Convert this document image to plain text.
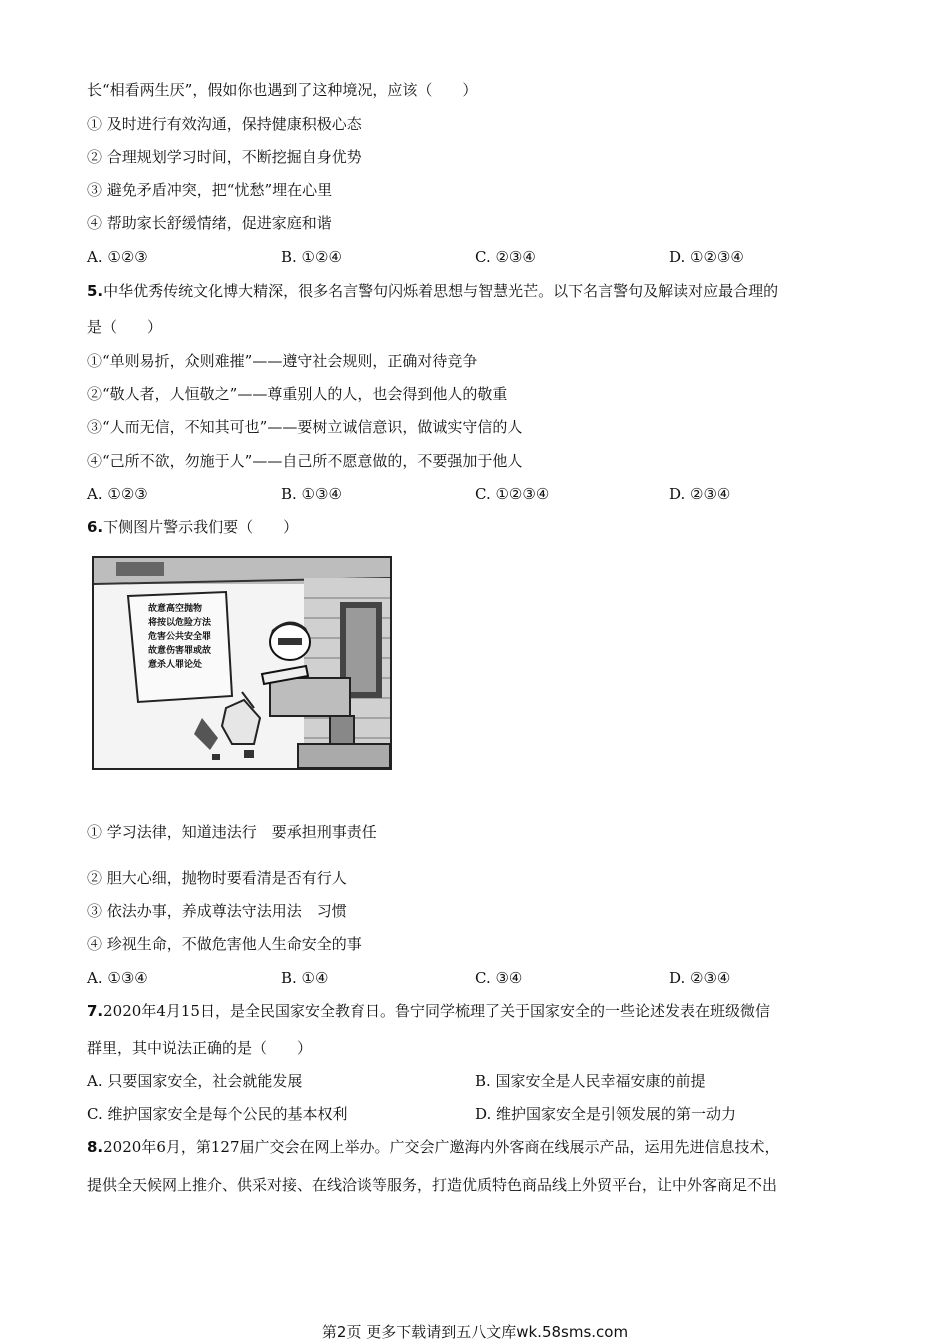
长“相看两生厌”，假如你也遇到了这种境况，应该（　　）
① 及时进行有效沟通，保持健康积极心态
② 合理规划学习时间，不断挖掘自身优势
③ 避免矛盾冲突，把“忧愁”埋在心里
④ 帮助家长舒缓情绪，促进家庭和谐
A. ①②③	B. ①②④	C. ②③④	D. ①②③④
5.中华优秀传统文化博大精深，很多名言警句闪烁着思想与智慧光芒。以下名言警句及解读对应最合理的
是（　　）
①“单则易折，众则难摧”——遵守社会规则，正确对待竞争
②“敬人者，人恒敬之”——尊重别人的人，也会得到他人的敬重
③“人而无信，不知其可也”——要树立诚信意识，做诚实守信的人
④“己所不欲，勿施于人”——自己所不愿意做的，不要强加于他人
A. ①②③	B. ①③④	C. ①②③④	D. ②③④
6.下侧图片警示我们要（　　）
故意高空抛物
将按以危险方法
危害公共安全罪
故意伤害罪或故
意杀人罪论处
① 学习法律，知道违法行　要承担刑事责任
② 胆大心细，抛物时要看清是否有行人
③ 依法办事，养成尊法守法用法　习惯
④ 珍视生命，不做危害他人生命安全的事
A. ①③④	B. ①④	C. ③④	D. ②③④
7.2020年4月15日，是全民国家安全教育日。鲁宁同学梳理了关于国家安全的一些论述发表在班级微信
群里，其中说法正确的是（　　）
A. 只要国家安全，社会就能发展	B. 国家安全是人民幸福安康的前提
C. 维护国家安全是每个公民的基本权利	D. 维护国家安全是引领发展的第一动力
8.2020年6月，第127届广交会在网上举办。广交会广邀海内外客商在线展示产品，运用先进信息技术，
提供全天候网上推介、供采对接、在线洽谈等服务，打造优质特色商品线上外贸平台，让中外客商足不出
第2页 更多下载请到五八文库wk.58sms.com
